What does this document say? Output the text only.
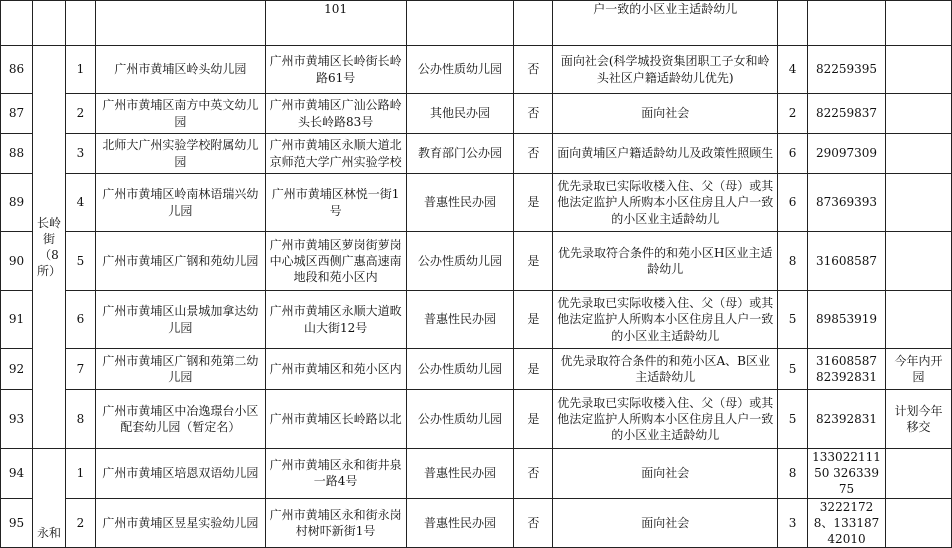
				101			户一致的小区业主适龄幼儿			
86	长岭街（8所）	1	广州市黄埔区岭头幼儿园	广州市黄埔区长岭街长岭路61号	公办性质幼儿园	否	面向社会(科学城投资集团职工子女和岭头社区户籍适龄幼儿优先)	4	82259395	
87		2	广州市黄埔区南方中英文幼儿园	广州市黄埔区广汕公路岭头长岭路83号	其他民办园	否	面向社会	2	82259837	
88		3	北师大广州实验学校附属幼儿园	广州市黄埔区永顺大道北京师范大学广州实验学校	教育部门公办园	否	面向黄埔区户籍适龄幼儿及政策性照顾生	6	29097309	
89		4	广州市黄埔区岭南林语瑞兴幼儿园	广州市黄埔区林悦一街1号	普惠性民办园	是	优先录取已实际收楼入住、父（母）或其他法定监护人所购本小区住房且人户一致的小区业主适龄幼儿	6	87369393	
90		5	广州市黄埔区广钢和苑幼儿园	广州市黄埔区萝岗街萝岗中心城区西侧广惠高速南地段和苑小区内	公办性质幼儿园	是	优先录取符合条件的和苑小区H区业主适龄幼儿	8	31608587	
91		6	广州市黄埔区山景城加拿达幼儿园	广州市黄埔区永顺大道畋山大街12号	普惠性民办园	是	优先录取已实际收楼入住、父（母）或其他法定监护人所购本小区住房且人户一致的小区业主适龄幼儿	5	89853919	
92		7	广州市黄埔区广钢和苑第二幼儿园	广州市黄埔区和苑小区内	公办性质幼儿园	是	优先录取符合条件的和苑小区A、B区业主适龄幼儿	5	31608587 82392831	今年内开园
93		8	广州市黄埔区中冶逸璟台小区配套幼儿园（暂定名）	广州市黄埔区长岭路以北	公办性质幼儿园	是	优先录取已实际收楼入住、父（母）或其他法定监护人所购本小区住房且人户一致的小区业主适龄幼儿	5	82392831	计划今年移交
94	永和	1	广州市黄埔区培恩双语幼儿园	广州市黄埔区永和街井泉一路4号	普惠性民办园	否	面向社会	8	13302211150 32633975	
95		2	广州市黄埔区昱星实验幼儿园	广州市黄埔区永和街永岗村树吓新街1号	普惠性民办园	否	面向社会	3	32221728、13318742010	
